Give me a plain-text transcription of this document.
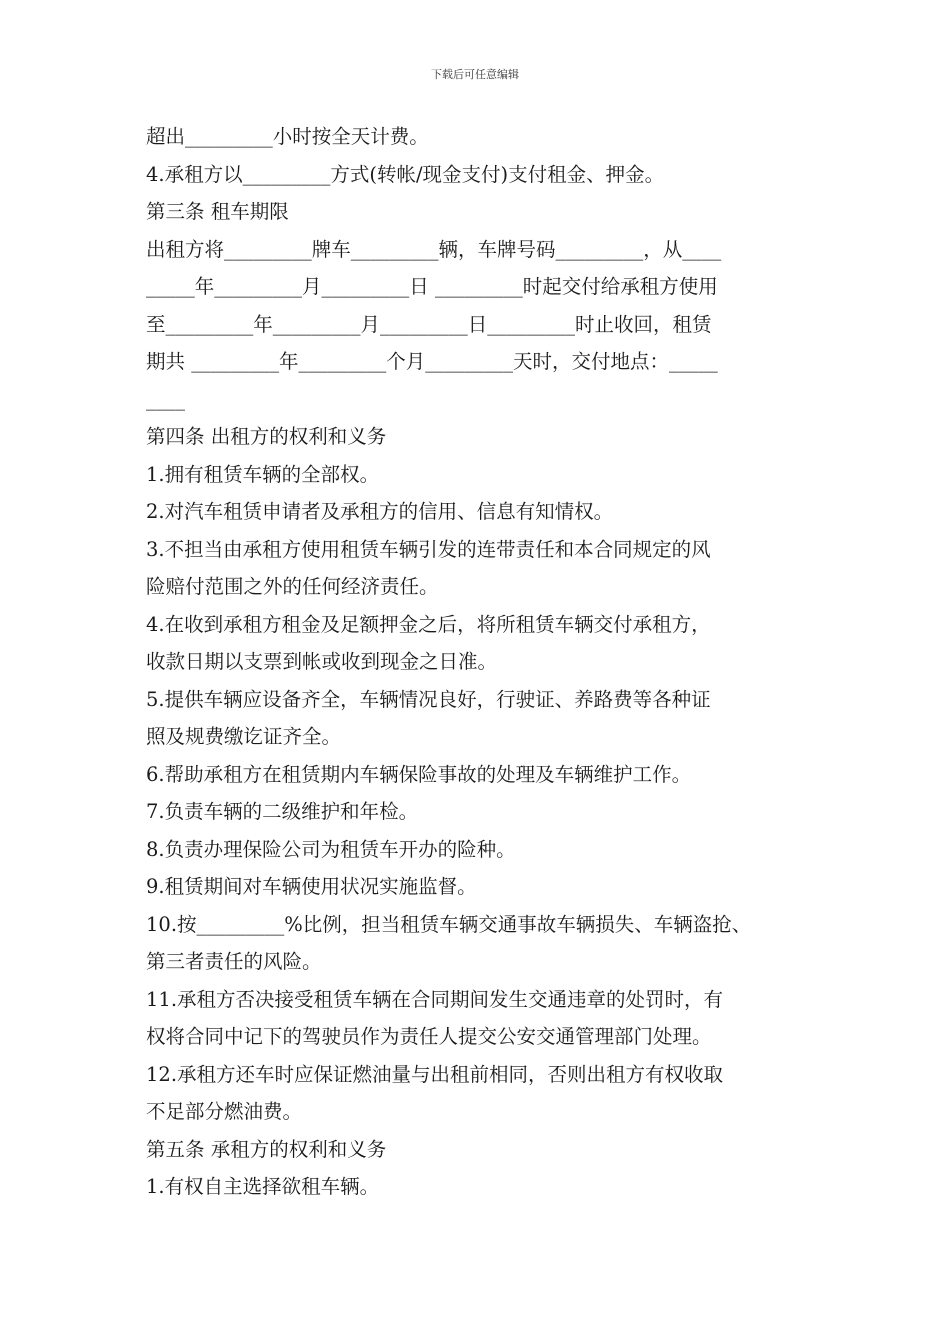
下载后可任意编辑
超出_________小时按全天计费。
4.承租方以_________方式(转帐/现金支付)支付租金、押金。
第三条 租车期限
出租方将_________牌车_________辆，车牌号码_________，从____
_____年_________月_________日 _________时起交付给承租方使用
至_________年_________月_________日_________时止收回，租赁
期共 _________年_________个月_________天时，交付地点：_____
____
第四条 出租方的权利和义务
1.拥有租赁车辆的全部权。
2.对汽车租赁申请者及承租方的信用、信息有知情权。
3.不担当由承租方使用租赁车辆引发的连带责任和本合同规定的风
险赔付范围之外的任何经济责任。
4.在收到承租方租金及足额押金之后，将所租赁车辆交付承租方，
收款日期以支票到帐或收到现金之日准。
5.提供车辆应设备齐全，车辆情况良好，行驶证、养路费等各种证
照及规费缴讫证齐全。
6.帮助承租方在租赁期内车辆保险事故的处理及车辆维护工作。
7.负责车辆的二级维护和年检。
8.负责办理保险公司为租赁车开办的险种。
9.租赁期间对车辆使用状况实施监督。
10.按_________%比例，担当租赁车辆交通事故车辆损失、车辆盗抢、
第三者责任的风险。
11.承租方否决接受租赁车辆在合同期间发生交通违章的处罚时，有
权将合同中记下的驾驶员作为责任人提交公安交通管理部门处理。
12.承租方还车时应保证燃油量与出租前相同，否则出租方有权收取
不足部分燃油费。
第五条 承租方的权利和义务
1.有权自主选择欲租车辆。
